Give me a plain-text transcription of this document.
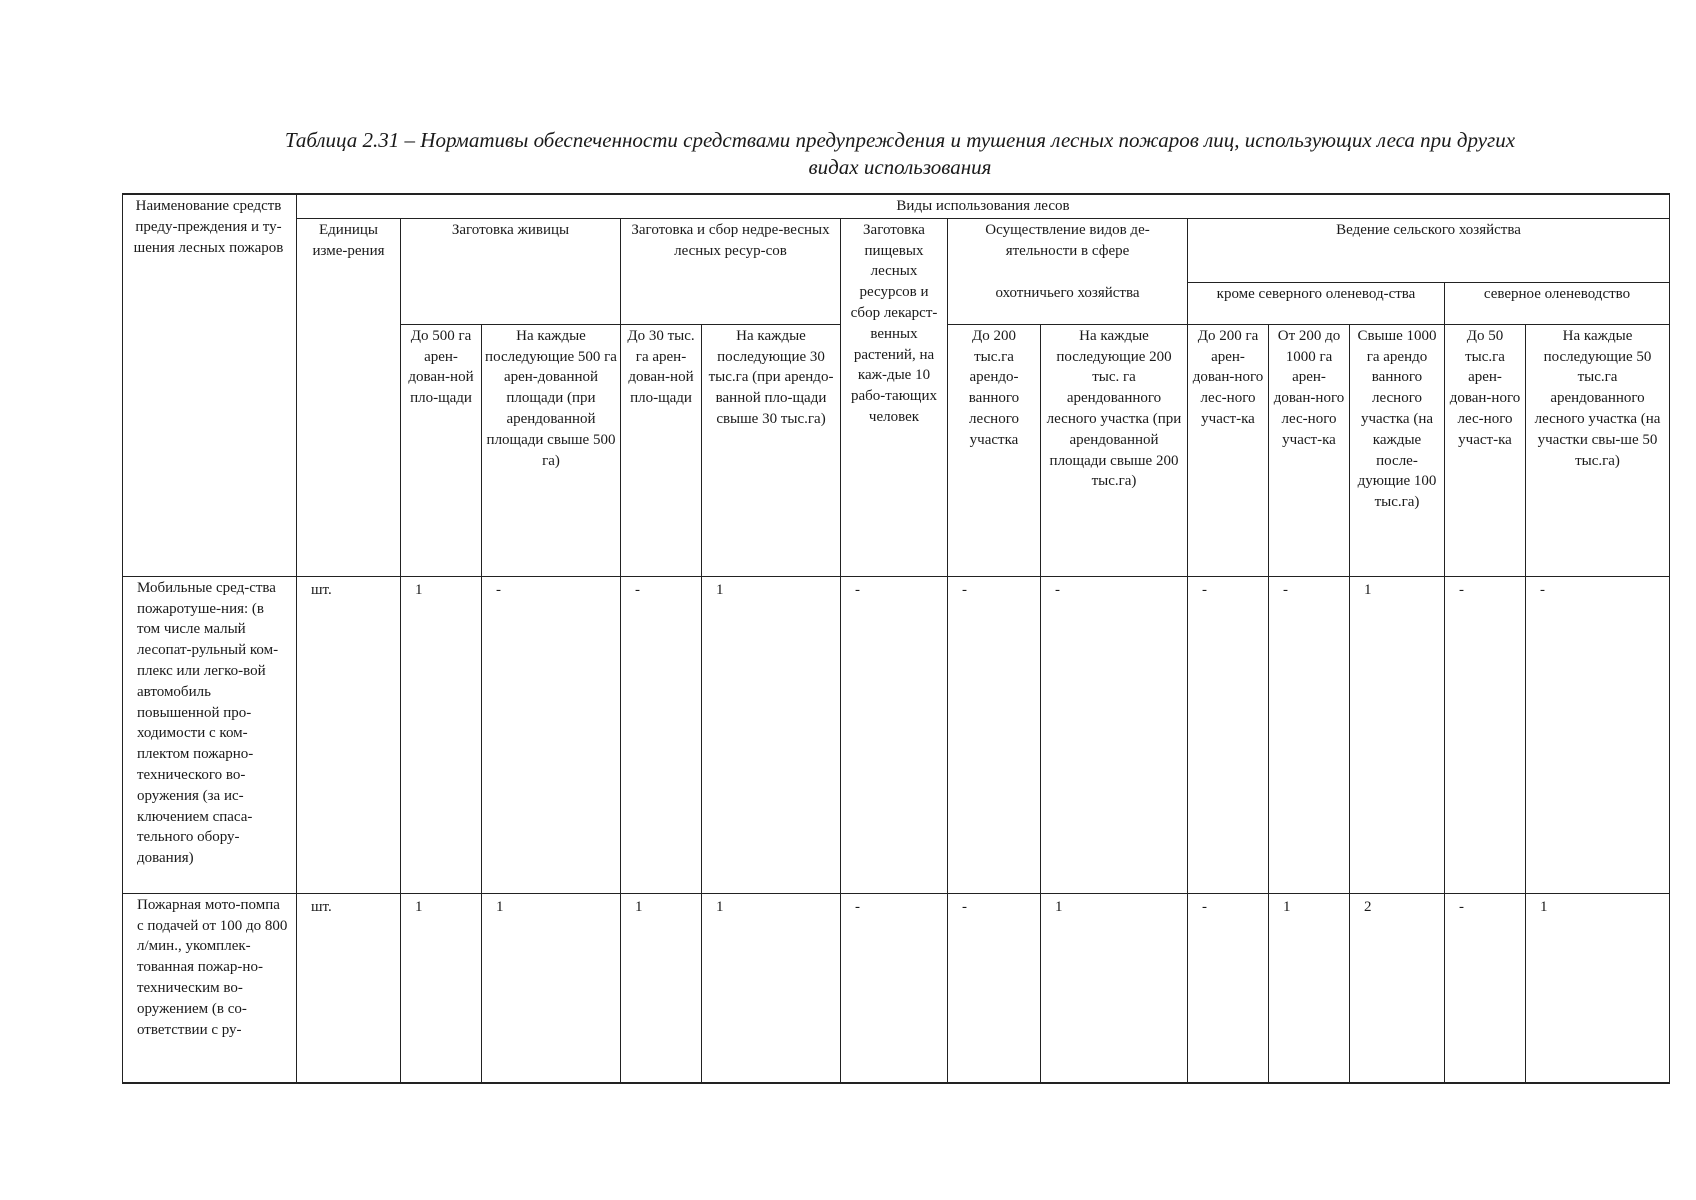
Таблица 2.31 – Нормативы обеспеченности средствами предупреждения и тушения лесных пожаров лиц, использующих леса при других
видах использования
Наименование средств преду-преждения и ту-шения лесных пожаров	Виды использования лесов												
	Единицы изме-рения	Заготовка живицы		Заготовка и сбор недре-весных лесных ресур-сов		Заготовка пищевых лесных ресурсов и сбор лекарст-венных растений, на каж-дые 10 рабо-тающих человек	Осуществление видов де-ятельности в сфере		Ведение сельского хозяйства				
							охотничьего хозяйства		кроме северного оленевод-ства			северное оленеводство	
		До 500 га арен-дован-ной пло-щади	На каждые последующие 500 га арен-дованной площади (при арендованной площади свыше 500 га)	До 30 тыс. га арен-дован-ной пло-щади	На каждые последующие 30 тыс.га (при арендо-ванной пло-щади свыше 30 тыс.га)		До 200 тыс.га арендо-ванного лесного участка	На каждые последующие 200 тыс. га арендованного лесного участка (при арендованной площади свыше 200 тыс.га)	До 200 га арен-дован-ного лес-ного участ-ка	От 200 до 1000 га арен-дован-ного лес-ного участ-ка	Свыше 1000 га арендо ванного лесного участка (на каждые после-дующие 100 тыс.га)	До 50 тыс.га арен-дован-ного лес-ного участ-ка	На каждые последующие 50 тыс.га арендованного лесного участка (на участки свы-ше 50 тыс.га)
Мобильные сред-ства пожаротуше-ния: (в том числе малый лесопат-рульный ком-плекс или легко-вой автомобиль повышенной про-ходимости с ком-плектом пожарно-технического во-оружения (за ис-ключением спаса-тельного обору-дования)	шт.	1	-	-	1	-	-	-	-	-	1	-	-
Пожарная мото-помпа с подачей от 100 до 800 л/мин., укомплек-тованная пожар-но-техническим во-оружением (в со-ответствии с ру-	шт.	1	1	1	1	-	-	1	-	1	2	-	1
